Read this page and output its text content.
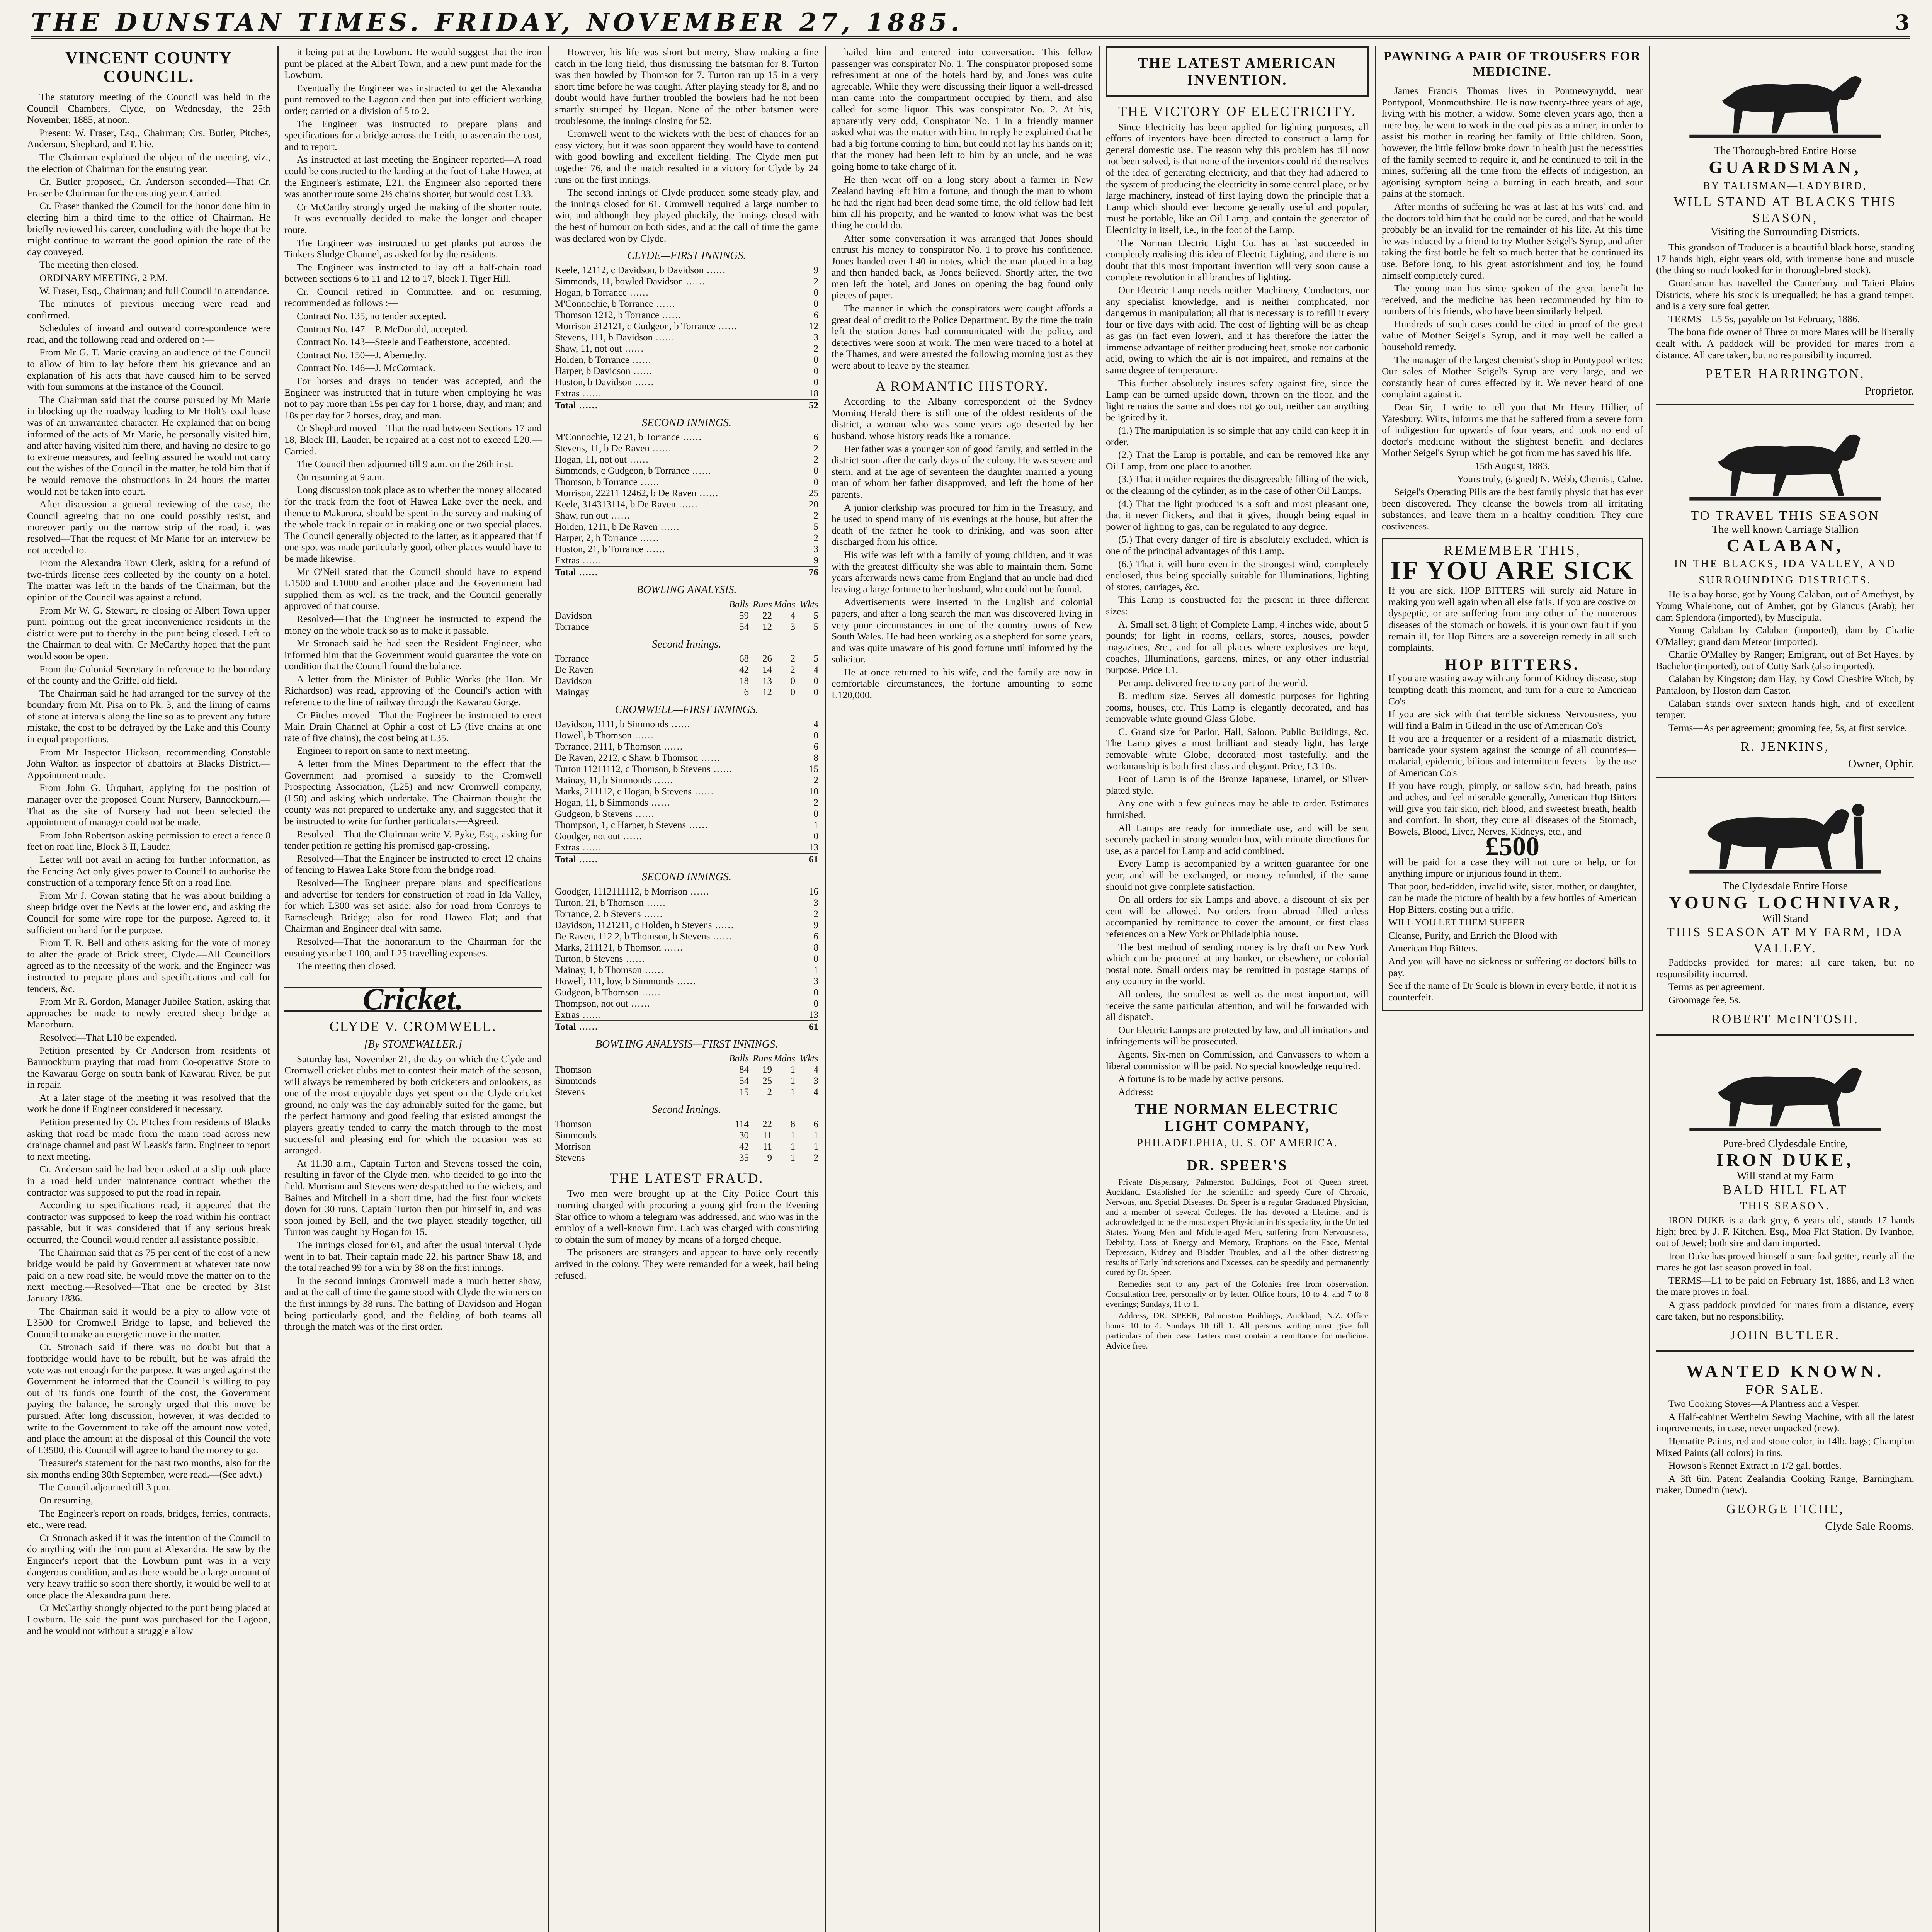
THE DUNSTAN TIMES. FRIDAY, NOVEMBER 27, 1885.	3
VINCENT COUNTY COUNCIL.

The statutory meeting of the Council was held in the Council Chambers, Clyde, on Wednesday, the 25th November, 1885, at noon.

Present: W. Fraser, Esq., Chairman; Crs. Butler, Pitches, Anderson, Shephard, and T. hie.

The Chairman explained the object of the meeting, viz., the election of Chairman for the ensuing year.

Cr. Butler proposed, Cr. Anderson seconded—That Cr. Fraser be Chairman for the ensuing year. Carried.

Cr. Fraser thanked the Council for the honor done him in electing him a third time to the office of Chairman. He briefly reviewed his career, concluding with the hope that he might continue to warrant the good opinion the rate of the day conveyed.

The meeting then closed.

ORDINARY MEETING, 2 P.M.

W. Fraser, Esq., Chairman; and full Council in attendance.

The minutes of previous meeting were read and confirmed.

Schedules of inward and outward correspondence were read, and the following read and ordered on :—

From Mr G. T. Marie craving an audience of the Council to allow of him to lay before them his grievance and an explanation of his acts that have caused him to be served with four summons at the instance of the Council.

The Chairman said that the course pursued by Mr Marie in blocking up the roadway leading to Mr Holt's coal lease was of an unwarranted character. He explained that on being informed of the acts of Mr Marie, he personally visited him, and after having visited him there, and having no desire to go to extreme measures, and feeling assured he would not carry out the wishes of the Council in the matter, he told him that if he would remove the obstructions in 24 hours the matter would not be taken into court.

After discussion a general reviewing of the case, the Council agreeing that no one could possibly resist, and moreover partly on the narrow strip of the road, it was resolved—That the request of Mr Marie for an interview be not acceded to.

From the Alexandra Town Clerk, asking for a refund of two-thirds license fees collected by the county on a hotel. The matter was left in the hands of the Chairman, but the opinion of the Council was against a refund.

From Mr W. G. Stewart, re closing of Albert Town upper punt, pointing out the great inconvenience residents in the district were put to thereby in the punt being closed. Left to the Chairman to deal with. Cr McCarthy hoped that the punt would soon be open.

From the Colonial Secretary in reference to the boundary of the county and the Griffel old field.

The Chairman said he had arranged for the survey of the boundary from Mt. Pisa on to Pk. 3, and the lining of cairns of stone at intervals along the line so as to prevent any future mistake, the cost to be defrayed by the Lake and this County in equal proportions.

From Mr Inspector Hickson, recommending Constable John Walton as inspector of abattoirs at Blacks District.—Appointment made.

From John G. Urquhart, applying for the position of manager over the proposed Count Nursery, Bannockburn.—That as the site of Nursery had not been selected the appointment of manager could not be made.

From John Robertson asking permission to erect a fence 8 feet on road line, Block 3 II, Lauder.

Letter will not avail in acting for further information, as the Fencing Act only gives power to Council to authorise the construction of a temporary fence 5ft on a road line.

From Mr J. Cowan stating that he was about building a sheep bridge over the Nevis at the lower end, and asking the Council for some wire rope for the purpose. Agreed to, if sufficient on hand for the purpose.

From T. R. Bell and others asking for the vote of money to alter the grade of Brick street, Clyde.—All Councillors agreed as to the necessity of the work, and the Engineer was instructed to prepare plans and specifications and call for tenders, &c.

From Mr R. Gordon, Manager Jubilee Station, asking that approaches be made to newly erected sheep bridge at Manorburn.

Resolved—That L10 be expended.

Petition presented by Cr Anderson from residents of Bannockburn praying that road from Co-operative Store to the Kawarau Gorge on south bank of Kawarau River, be put in repair.

At a later stage of the meeting it was resolved that the work be done if Engineer considered it necessary.

Petition presented by Cr. Pitches from residents of Blacks asking that road be made from the main road across new drainage channel and past W Leask's farm. Engineer to report to next meeting.

Cr. Anderson said he had been asked at a slip took place in a road held under maintenance contract whether the contractor was supposed to put the road in repair.

According to specifications read, it appeared that the contractor was supposed to keep the road within his contract passable, but it was considered that if any serious break occurred, the Council would render all assistance possible.

The Chairman said that as 75 per cent of the cost of a new bridge would be paid by Government at whatever rate now paid on a new road site, he would move the matter on to the next meeting.—Resolved—That one be erected by 31st January 1886.

The Chairman said it would be a pity to allow vote of L3500 for Cromwell Bridge to lapse, and believed the Council to make an energetic move in the matter.

Cr. Stronach said if there was no doubt but that a footbridge would have to be rebuilt, but he was afraid the vote was not enough for the purpose. It was urged against the Government he informed that the Council is willing to pay out of its funds one fourth of the cost, the Government paying the balance, he strongly urged that this move be pursued. After long discussion, however, it was decided to write to the Government to take off the amount now voted, and place the amount at the disposal of this Council the vote of L3500, this Council will agree to hand the money to go.

Treasurer's statement for the past two months, also for the six months ending 30th September, were read.—(See advt.)

The Council adjourned till 3 p.m.

On resuming,

The Engineer's report on roads, bridges, ferries, contracts, etc., were read.

Cr Stronach asked if it was the intention of the Council to do anything with the iron punt at Alexandra. He saw by the Engineer's report that the Lowburn punt was in a very dangerous condition, and as there would be a large amount of very heavy traffic so soon there shortly, it would be well to at once place the Alexandra punt there.

Cr McCarthy strongly objected to the punt being placed at Lowburn. He said the punt was purchased for the Lagoon, and he would not without a struggle allow

it being put at the Lowburn. He would suggest that the iron punt be placed at the Albert Town, and a new punt made for the Lowburn.

Eventually the Engineer was instructed to get the Alexandra punt removed to the Lagoon and then put into efficient working order; carried on a division of 5 to 2.

The Engineer was instructed to prepare plans and specifications for a bridge across the Leith, to ascertain the cost, and to report.

As instructed at last meeting the Engineer reported—A road could be constructed to the landing at the foot of Lake Hawea, at the Engineer's estimate, L21; the Engineer also reported there was another route some 2½ chains shorter, but would cost L33.

Cr McCarthy strongly urged the making of the shorter route.—It was eventually decided to make the longer and cheaper route.

The Engineer was instructed to get planks put across the Tinkers Sludge Channel, as asked for by the residents.

The Engineer was instructed to lay off a half-chain road between sections 6 to 11 and 12 to 17, block I, Tiger Hill.

Cr. Council retired in Committee, and on resuming, recommended as follows :—

Contract No. 135, no tender accepted.

Contract No. 147—P. McDonald, accepted.

Contract No. 143—Steele and Featherstone, accepted.

Contract No. 150—J. Abernethy.

Contract No. 146—J. McCormack.

For horses and drays no tender was accepted, and the Engineer was instructed that in future when employing he was not to pay more than 15s per day for 1 horse, dray, and man; and 18s per day for 2 horses, dray, and man.

Cr Shephard moved—That the road between Sections 17 and 18, Block III, Lauder, be repaired at a cost not to exceed L20.—Carried.

The Council then adjourned till 9 a.m. on the 26th inst.

On resuming at 9 a.m.—

Long discussion took place as to whether the money allocated for the track from the foot of Hawea Lake over the neck, and thence to Makarora, should be spent in the survey and making of the whole track in repair or in making one or two special places. The Council generally objected to the latter, as it appeared that if one spot was made particularly good, other places would have to be made likewise.

Mr O'Neil stated that the Council should have to expend L1500 and L1000 and another place and the Government had supplied them as well as the track, and the Council generally approved of that course.

Resolved—That the Engineer be instructed to expend the money on the whole track so as to make it passable.

Mr Stronach said he had seen the Resident Engineer, who informed him that the Government would guarantee the vote on condition that the Council found the balance.

A letter from the Minister of Public Works (the Hon. Mr Richardson) was read, approving of the Council's action with reference to the line of railway through the Kawarau Gorge.

Cr Pitches moved—That the Engineer be instructed to erect Main Drain Channel at Ophir a cost of L5 (five chains at one rate of five chains), the cost being at L35.

Engineer to report on same to next meeting.

A letter from the Mines Department to the effect that the Government had promised a subsidy to the Cromwell Prospecting Association, (L25) and new Cromwell company, (L50) and asking which undertake. The Chairman thought the county was not prepared to undertake any, and suggested that it be instructed to write for further particulars.—Agreed.

Resolved—That the Chairman write V. Pyke, Esq., asking for tender petition re getting his promised gap-crossing.

Resolved—That the Engineer be instructed to erect 12 chains of fencing to Hawea Lake Store from the bridge road.

Resolved—The Engineer prepare plans and specifications and advertise for tenders for construction of road in Ida Valley, for which L300 was set aside; also for road from Conroys to Earnscleugh Bridge; also for road Hawea Flat; and that Chairman and Engineer deal with same.

Resolved—That the honorarium to the Chairman for the ensuing year be L100, and L25 travelling expenses.

The meeting then closed.

Cricket.
CLYDE V. CROMWELL.
[By STONEWALLER.]

Saturday last, November 21, the day on which the Clyde and Cromwell cricket clubs met to contest their match of the season, will always be remembered by both cricketers and onlookers, as one of the most enjoyable days yet spent on the Clyde cricket ground, no only was the day admirably suited for the game, but the perfect harmony and good feeling that existed amongst the players greatly tended to carry the match through to the most successful and pleasing end for which the occasion was so arranged.

At 11.30 a.m., Captain Turton and Stevens tossed the coin, resulting in favor of the Clyde men, who decided to go into the field. Morrison and Stevens were despatched to the wickets, and Baines and Mitchell in a short time, had the first four wickets down for 30 runs. Captain Turton then put himself in, and was soon joined by Bell, and the two played steadily together, till Turton was caught by Hogan for 15.

The innings closed for 61, and after the usual interval Clyde went in to bat. Their captain made 22, his partner Shaw 18, and the total reached 99 for a win by 38 on the first innings.

In the second innings Cromwell made a much better show, and at the call of time the game stood with Clyde the winners on the first innings by 38 runs. The batting of Davidson and Hogan being particularly good, and the fielding of both teams all through the match was of the first order.

However, his life was short but merry, Shaw making a fine catch in the long field, thus dismissing the batsman for 8. Turton was then bowled by Thomson for 7. Turton ran up 15 in a very short time before he was caught. After playing steady for 8, and no doubt would have further troubled the bowlers had he not been smartly stumped by Hogan. None of the other batsmen were troublesome, the innings closing for 52.

Cromwell went to the wickets with the best of chances for an easy victory, but it was soon apparent they would have to contend with good bowling and excellent fielding. The Clyde men put together 76, and the match resulted in a victory for Clyde by 24 runs on the first innings.

The second innings of Clyde produced some steady play, and the innings closed for 61. Cromwell required a large number to win, and although they played pluckily, the innings closed with the best of humour on both sides, and at the call of time the game was declared won by Clyde.

CLYDE—FIRST INNINGS.
Keele, 12112, c Davidson, b Davidson ......	9
Simmonds, 11, bowled Davidson ......	2
Hogan, b Torrance ......	0
M'Connochie, b Torrance ......	0
Thomson 1212, b Torrance ......	6
Morrison 212121, c Gudgeon, b Torrance ......	12
Stevens, 111, b Davidson ......	3
Shaw, 11, not out ......	2
Holden, b Torrance ......	0
Harper, b Davidson ......	0
Huston, b Davidson ......	0
Extras ......	18
Total ......	52
SECOND INNINGS.
M'Connochie, 12 21, b Torrance ......	6
Stevens, 11, b De Raven ......	2
Hogan, 11, not out ......	2
Simmonds, c Gudgeon, b Torrance ......	0
Thomson, b Torrance ......	0
Morrison, 22211 12462, b De Raven ......	25
Keele, 314313114, b De Raven ......	20
Shaw, run out ......	2
Holden, 1211, b De Raven ......	5
Harper, 2, b Torrance ......	2
Huston, 21, b Torrance ......	3
Extras ......	9
Total ......	76
BOWLING ANALYSIS.
	Balls	Runs	Mdns	Wkts
Davidson	59	22	4	5
Torrance	54	12	3	5
Second Innings.
Torrance	68	26	2	5
De Raven	42	14	2	4
Davidson	18	13	0	0
Maingay	6	12	0	0
CROMWELL—FIRST INNINGS.
Davidson, 1111, b Simmonds ......	4
Howell, b Thomson ......	0
Torrance, 2111, b Thomson ......	6
De Raven, 2212, c Shaw, b Thomson ......	8
Turton 11211112, c Thomson, b Stevens ......	15
Mainay, 11, b Simmonds ......	2
Marks, 211112, c Hogan, b Stevens ......	10
Hogan, 11, b Simmonds ......	2
Gudgeon, b Stevens ......	0
Thompson, 1, c Harper, b Stevens ......	1
Goodger, not out ......	0
Extras ......	13
Total ......	61
SECOND INNINGS.
Goodger, 1112111112, b Morrison ......	16
Turton, 21, b Thomson ......	3
Torrance, 2, b Stevens ......	2
Davidson, 1121211, c Holden, b Stevens ......	9
De Raven, 112 2, b Thomson, b Stevens ......	6
Marks, 211121, b Thomson ......	8
Turton, b Stevens ......	0
Mainay, 1, b Thomson ......	1
Howell, 111, low, b Simmonds ......	3
Gudgeon, b Thomson ......	0
Thompson, not out ......	0
Extras ......	13
Total ......	61
BOWLING ANALYSIS—FIRST INNINGS.
	Balls	Runs	Mdns	Wkts
Thomson	84	19	1	4
Simmonds	54	25	1	3
Stevens	15	2	1	4
Second Innings.
Thomson	114	22	8	6
Simmonds	30	11	1	1
Morrison	42	11	1	1
Stevens	35	9	1	2
THE LATEST FRAUD.

Two men were brought up at the City Police Court this morning charged with procuring a young girl from the Evening Star office to whom a telegram was addressed, and who was in the employ of a well-known firm. Each was charged with conspiring to obtain the sum of money by means of a forged cheque.

The prisoners are strangers and appear to have only recently arrived in the colony. They were remanded for a week, bail being refused.

hailed him and entered into conversation. This fellow passenger was conspirator No. 1. The conspirator proposed some refreshment at one of the hotels hard by, and Jones was quite agreeable. While they were discussing their liquor a well-dressed man came into the compartment occupied by them, and also called for some liquor. This was conspirator No. 2. At his, apparently very odd, Conspirator No. 1 in a friendly manner asked what was the matter with him. In reply he explained that he had a big fortune coming to him, but could not lay his hands on it; that the money had been left to him by an uncle, and he was going home to take charge of it.

He then went off on a long story about a farmer in New Zealand having left him a fortune, and though the man to whom he had the right had been dead some time, the old fellow had left him all his property, and he wanted to know what was the best thing he could do.

After some conversation it was arranged that Jones should entrust his money to conspirator No. 1 to prove his confidence. Jones handed over L40 in notes, which the man placed in a bag and then handed back, as Jones believed. Shortly after, the two men left the hotel, and Jones on opening the bag found only pieces of paper.

The manner in which the conspirators were caught affords a great deal of credit to the Police Department. By the time the train left the station Jones had communicated with the police, and detectives were soon at work. The men were traced to a hotel at the Thames, and were arrested the following morning just as they were about to leave by the steamer.

A ROMANTIC HISTORY.

According to the Albany correspondent of the Sydney Morning Herald there is still one of the oldest residents of the district, a woman who was some years ago deserted by her husband, whose history reads like a romance.

Her father was a younger son of good family, and settled in the district soon after the early days of the colony. He was severe and stern, and at the age of seventeen the daughter married a young man of whom her father disapproved, and left the home of her parents.

A junior clerkship was procured for him in the Treasury, and he used to spend many of his evenings at the house, but after the death of the father he took to drinking, and was soon after discharged from his office.

His wife was left with a family of young children, and it was with the greatest difficulty she was able to maintain them. Some years afterwards news came from England that an uncle had died leaving a large fortune to her husband, who could not be found.

Advertisements were inserted in the English and colonial papers, and after a long search the man was discovered living in very poor circumstances in one of the country towns of New South Wales. He had been working as a shepherd for some years, and was quite unaware of his good fortune until informed by the solicitor.

He at once returned to his wife, and the family are now in comfortable circumstances, the fortune amounting to some L120,000.

THE LATEST AMERICAN INVENTION.
THE VICTORY OF ELECTRICITY.

Since Electricity has been applied for lighting purposes, all efforts of inventors have been directed to construct a lamp for general domestic use. The reason why this problem has till now not been solved, is that none of the inventors could rid themselves of the idea of generating electricity, and that they had adhered to the system of producing the electricity in some central place, or by large machinery, instead of first laying down the principle that a Lamp which should ever become generally useful and popular, must be portable, like an Oil Lamp, and contain the generator of Electricity in itself, i.e., in the foot of the Lamp.

The Norman Electric Light Co. has at last succeeded in completely realising this idea of Electric Lighting, and there is no doubt that this most important invention will very soon cause a complete revolution in all branches of lighting.

Our Electric Lamp needs neither Machinery, Conductors, nor any specialist knowledge, and is neither complicated, nor dangerous in manipulation; all that is necessary is to refill it every four or five days with acid. The cost of lighting will be as cheap as gas (in fact even lower), and it has therefore the latter the immense advantage of neither producing heat, smoke nor carbonic acid, owing to which the air is not impaired, and remains at the same degree of temperature.

This further absolutely insures safety against fire, since the Lamp can be turned upside down, thrown on the floor, and the light remains the same and does not go out, neither can anything be ignited by it.

(1.) The manipulation is so simple that any child can keep it in order.

(2.) That the Lamp is portable, and can be removed like any Oil Lamp, from one place to another.

(3.) That it neither requires the disagreeable filling of the wick, or the cleaning of the cylinder, as in the case of other Oil Lamps.

(4.) That the light produced is a soft and most pleasant one, that it never flickers, and that it gives, though being equal in power of lighting to gas, can be regulated to any degree.

(5.) That every danger of fire is absolutely excluded, which is one of the principal advantages of this Lamp.

(6.) That it will burn even in the strongest wind, completely enclosed, thus being specially suitable for Illuminations, lighting of stores, carriages, &c.

This Lamp is constructed for the present in three different sizes:—

A. Small set, 8 light of Complete Lamp, 4 inches wide, about 5 pounds; for light in rooms, cellars, stores, houses, powder magazines, &c., and for all places where explosives are kept, coaches, Illuminations, gardens, mines, or any other industrial purpose. Price L1.

Per amp. delivered free to any part of the world.

B. medium size. Serves all domestic purposes for lighting rooms, houses, etc. This Lamp is elegantly decorated, and has removable white ground Glass Globe.

C. Grand size for Parlor, Hall, Saloon, Public Buildings, &c. The Lamp gives a most brilliant and steady light, has large removable white Globe, decorated most tastefully, and the workmanship is both first-class and elegant. Price, L3 10s.

Foot of Lamp is of the Bronze Japanese, Enamel, or Silver-plated style.

Any one with a few guineas may be able to order. Estimates furnished.

All Lamps are ready for immediate use, and will be sent securely packed in strong wooden box, with minute directions for use, as a parcel for Lamp and acid combined.

Every Lamp is accompanied by a written guarantee for one year, and will be exchanged, or money refunded, if the same should not give complete satisfaction.

On all orders for six Lamps and above, a discount of six per cent will be allowed. No orders from abroad filled unless accompanied by remittance to cover the amount, or first class references on a New York or Philadelphia house.

The best method of sending money is by draft on New York which can be procured at any banker, or elsewhere, or colonial postal note. Small orders may be remitted in postage stamps of any country in the world.

All orders, the smallest as well as the most important, will receive the same particular attention, and will be forwarded with all dispatch.

Our Electric Lamps are protected by law, and all imitations and infringements will be prosecuted.

Agents. Six-men on Commission, and Canvassers to whom a liberal commission will be paid. No special knowledge required.

A fortune is to be made by active persons.

Address:

THE NORMAN ELECTRIC LIGHT COMPANY,
PHILADELPHIA, U. S. OF AMERICA.
DR. SPEER'S

Private Dispensary, Palmerston Buildings, Foot of Queen street, Auckland. Established for the scientific and speedy Cure of Chronic, Nervous, and Special Diseases. Dr. Speer is a regular Graduated Physician, and a member of several Colleges. He has devoted a lifetime, and is acknowledged to be the most expert Physician in his speciality, in the United States. Young Men and Middle-aged Men, suffering from Nervousness, Debility, Loss of Energy and Memory, Eruptions on the Face, Mental Depression, Kidney and Bladder Troubles, and all the other distressing results of Early Indiscretions and Excesses, can be speedily and permanently cured by Dr. Speer.

Remedies sent to any part of the Colonies free from observation. Consultation free, personally or by letter. Office hours, 10 to 4, and 7 to 8 evenings; Sundays, 11 to 1.

Address, DR. SPEER, Palmerston Buildings, Auckland, N.Z. Office hours 10 to 4. Sundays 10 till 1. All persons writing must give full particulars of their case. Letters must contain a remittance for medicine. Advice free.

PAWNING A PAIR OF TROUSERS FOR MEDICINE.

James Francis Thomas lives in Pontnewynydd, near Pontypool, Monmouthshire. He is now twenty-three years of age, living with his mother, a widow. Some eleven years ago, then a mere boy, he went to work in the coal pits as a miner, in order to assist his mother in rearing her family of little children. Soon, however, the little fellow broke down in health just the necessities of the family seemed to require it, and he continued to toil in the mines, suffering all the time from the effects of indigestion, an agonising symptom being a burning in each breath, and sour pains at the stomach.

After months of suffering he was at last at his wits' end, and the doctors told him that he could not be cured, and that he would probably be an invalid for the remainder of his life. At this time he was induced by a friend to try Mother Seigel's Syrup, and after taking the first bottle he felt so much better that he continued its use. Before long, to his great astonishment and joy, he found himself completely cured.

The young man has since spoken of the great benefit he received, and the medicine has been recommended by him to numbers of his friends, who have been similarly helped.

Hundreds of such cases could be cited in proof of the great value of Mother Seigel's Syrup, and it may well be called a household remedy.

The manager of the largest chemist's shop in Pontypool writes: Our sales of Mother Seigel's Syrup are very large, and we constantly hear of cures effected by it. We never heard of one complaint against it.

Dear Sir,—I write to tell you that Mr Henry Hillier, of Yatesbury, Wilts, informs me that he suffered from a severe form of indigestion for upwards of four years, and took no end of doctor's medicine without the slightest benefit, and declares Mother Seigel's Syrup which he got from me has saved his life.

15th August, 1883.

Yours truly, (signed) N. Webb, Chemist, Calne.

Seigel's Operating Pills are the best family physic that has ever been discovered. They cleanse the bowels from all irritating substances, and leave them in a healthy condition. They cure costiveness.

REMEMBER THIS,
IF YOU ARE SICK

If you are sick, HOP BITTERS will surely aid Nature in making you well again when all else fails. If you are costive or dyspeptic, or are suffering from any other of the numerous diseases of the stomach or bowels, it is your own fault if you remain ill, for Hop Bitters are a sovereign remedy in all such complaints.

HOP BITTERS.

If you are wasting away with any form of Kidney disease, stop tempting death this moment, and turn for a cure to American Co's

If you are sick with that terrible sickness Nervousness, you will find a Balm in Gilead in the use of American Co's

If you are a frequenter or a resident of a miasmatic district, barricade your system against the scourge of all countries—malarial, epidemic, bilious and intermittent fevers—by the use of American Co's

If you have rough, pimply, or sallow skin, bad breath, pains and aches, and feel miserable generally, American Hop Bitters will give you fair skin, rich blood, and sweetest breath, health and comfort. In short, they cure all diseases of the Stomach, Bowels, Blood, Liver, Nerves, Kidneys, etc., and

£500

will be paid for a case they will not cure or help, or for anything impure or injurious found in them.

That poor, bed-ridden, invalid wife, sister, mother, or daughter, can be made the picture of health by a few bottles of American Hop Bitters, costing but a trifle.

WILL YOU LET THEM SUFFER

Cleanse, Purify, and Enrich the Blood with

American Hop Bitters.

And you will have no sickness or suffering or doctors' bills to pay.

See if the name of Dr Soule is blown in every bottle, if not it is counterfeit.

The Thorough-bred Entire Horse
GUARDSMAN,
BY TALISMAN—LADYBIRD,
WILL STAND AT BLACKS THIS SEASON,
Visiting the Surrounding Districts.

This grandson of Traducer is a beautiful black horse, standing 17 hands high, eight years old, with immense bone and muscle (the thing so much looked for in thorough-bred stock).

Guardsman has travelled the Canterbury and Taieri Plains Districts, where his stock is unequalled; he has a grand temper, and is a very sure foal getter.

TERMS—L5 5s, payable on 1st February, 1886.

The bona fide owner of Three or more Mares will be liberally dealt with. A paddock will be provided for mares from a distance. All care taken, but no responsibility incurred.

PETER HARRINGTON,
Proprietor.
TO TRAVEL THIS SEASON
The well known Carriage Stallion
CALABAN,
IN THE BLACKS, IDA VALLEY, AND SURROUNDING DISTRICTS.

He is a bay horse, got by Young Calaban, out of Amethyst, by Young Whalebone, out of Amber, got by Glancus (Arab); her dam Splendora (imported), by Muscipula.

Young Calaban by Calaban (imported), dam by Charlie O'Malley; grand dam Meteor (imported).

Charlie O'Malley by Ranger; Emigrant, out of Bet Hayes, by Bachelor (imported), out of Cutty Sark (also imported).

Calaban by Kingston; dam Hay, by Cowl Cheshire Witch, by Pantaloon, by Hoston dam Castor.

Calaban stands over sixteen hands high, and of excellent temper.

Terms—As per agreement; grooming fee, 5s, at first service.

R. JENKINS,
Owner, Ophir.
The Clydesdale Entire Horse
YOUNG LOCHNIVAR,
Will Stand
THIS SEASON AT MY FARM, IDA VALLEY.

Paddocks provided for mares; all care taken, but no responsibility incurred.

Terms as per agreement.

Groomage fee, 5s.

ROBERT McINTOSH.
Pure-bred Clydesdale Entire,
IRON DUKE,
Will stand at my Farm
BALD HILL FLAT
THIS SEASON.

IRON DUKE is a dark grey, 6 years old, stands 17 hands high; bred by J. F. Kitchen, Esq., Moa Flat Station. By Ivanhoe, out of Jewel; both sire and dam imported.

Iron Duke has proved himself a sure foal getter, nearly all the mares he got last season proved in foal.

TERMS—L1 to be paid on February 1st, 1886, and L3 when the mare proves in foal.

A grass paddock provided for mares from a distance, every care taken, but no responsibility.

JOHN BUTLER.
WANTED KNOWN.
FOR SALE.

Two Cooking Stoves—A Plantress and a Vesper.

A Half-cabinet Wertheim Sewing Machine, with all the latest improvements, in case, never unpacked (new).

Hematite Paints, red and stone color, in 14lb. bags; Champion Mixed Paints (all colors) in tins.

Howson's Rennet Extract in 1/2 gal. bottles.

A 3ft 6in. Patent Zealandia Cooking Range, Barningham, maker, Dunedin (new).

GEORGE FICHE,
Clyde Sale Rooms.
